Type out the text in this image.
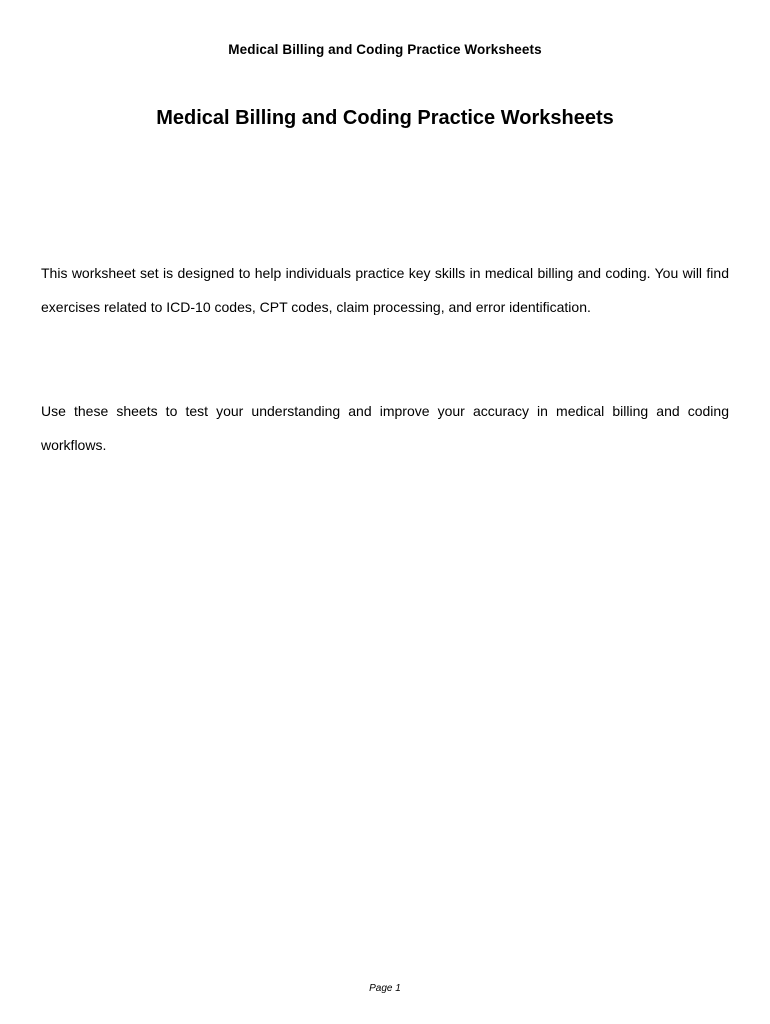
Medical Billing and Coding Practice Worksheets
Medical Billing and Coding Practice Worksheets

This worksheet set is designed to help individuals practice key skills in medical billing and coding. You will find exercises related to ICD-10 codes, CPT codes, claim processing, and error identification.

Use these sheets to test your understanding and improve your accuracy in medical billing and coding workflows.

Page 1
